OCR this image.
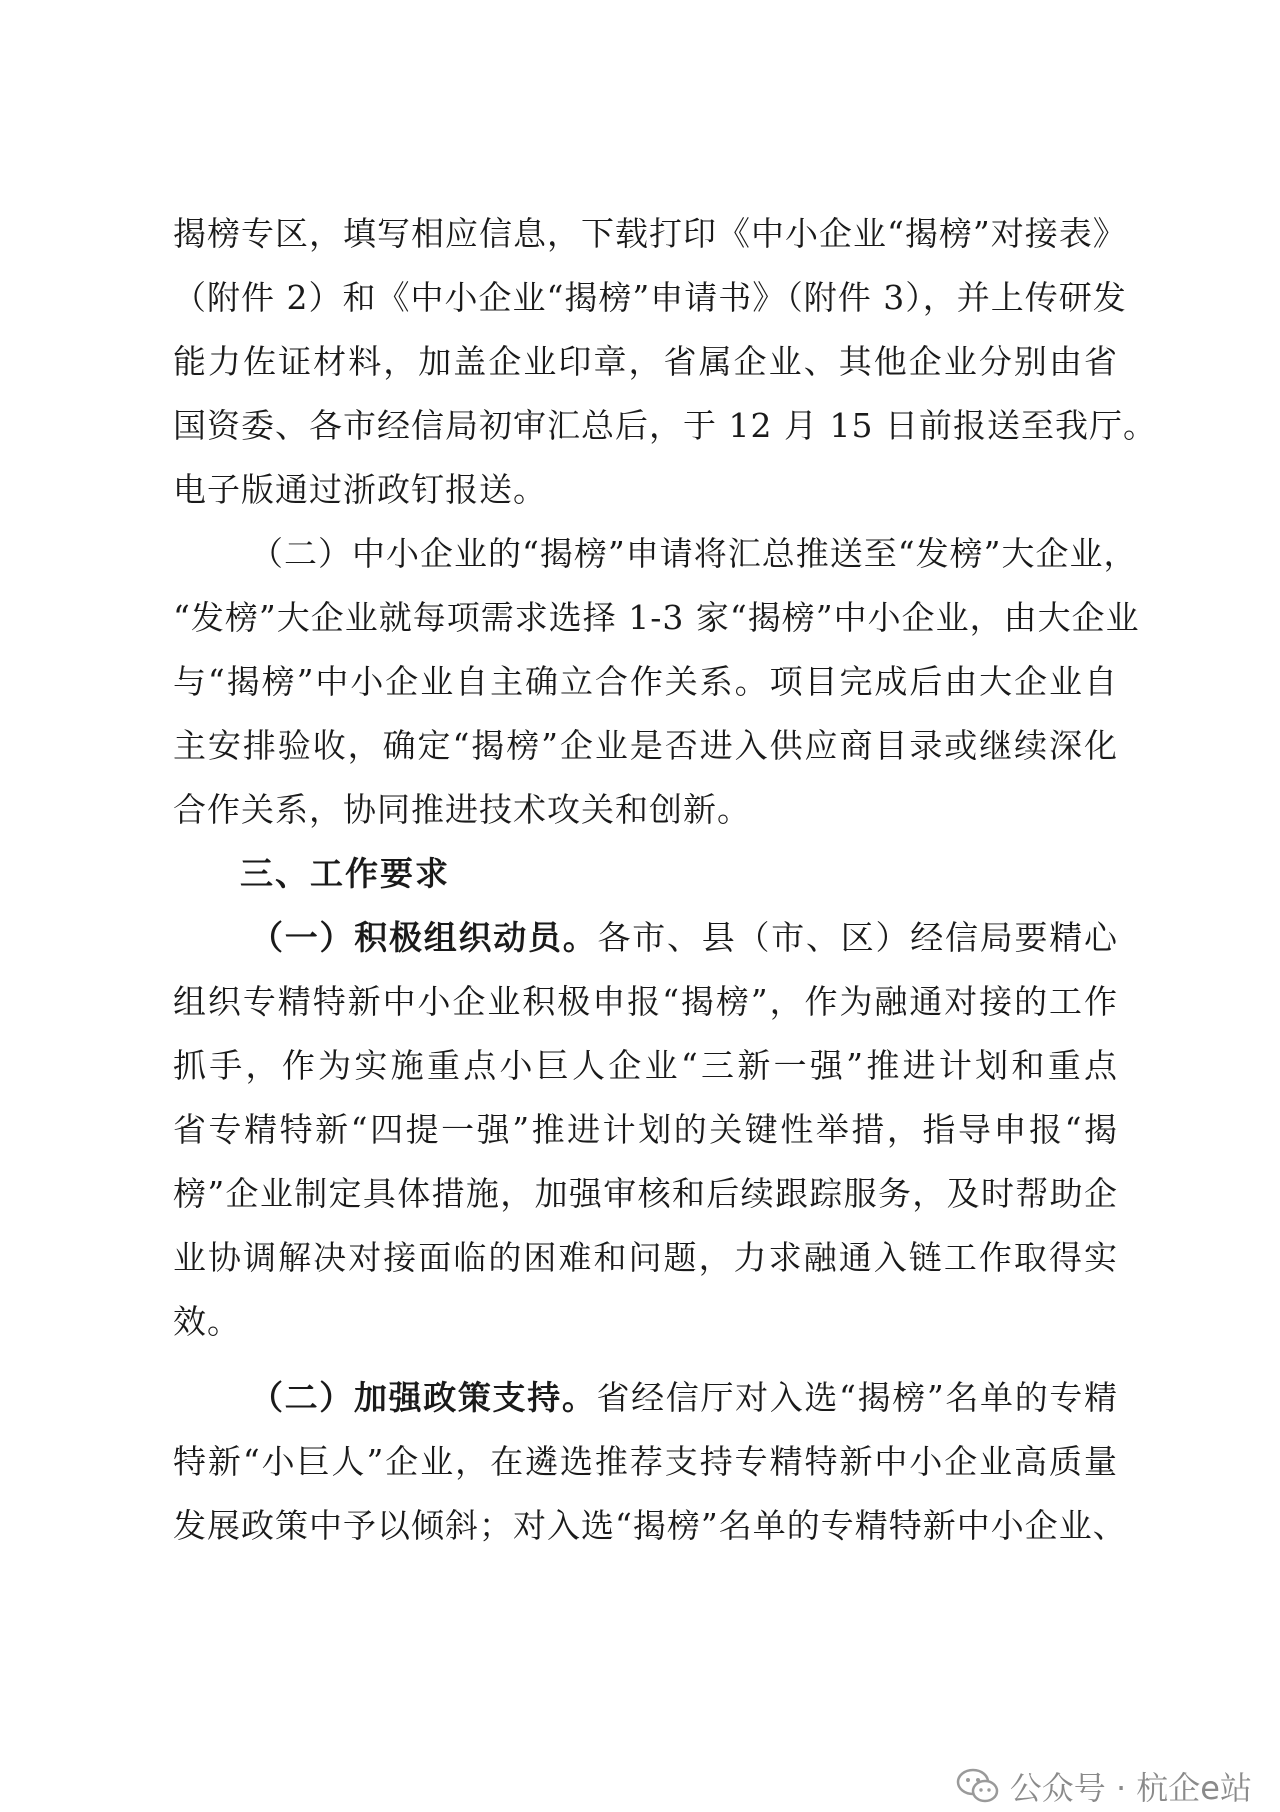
揭榜专区，填写相应信息，下载打印《中小企业“揭榜”对接表》
（附件 2）和《中小企业“揭榜”申请书》（附件 3），并上传研发
能力佐证材料，加盖企业印章，省属企业、其他企业分别由省
国资委、各市经信局初审汇总后，于 12 月 15 日前报送至我厅。
电子版通过浙政钉报送。
（二）中小企业的“揭榜”申请将汇总推送至“发榜”大企业，
“发榜”大企业就每项需求选择 1-3 家“揭榜”中小企业，由大企业
与“揭榜”中小企业自主确立合作关系。项目完成后由大企业自
主安排验收，确定“揭榜”企业是否进入供应商目录或继续深化
合作关系，协同推进技术攻关和创新。
三、工作要求
（一）积极组织动员。各市、县（市、区）经信局要精心
组织专精特新中小企业积极申报“揭榜”，作为融通对接的工作
抓手，作为实施重点小巨人企业“三新一强”推进计划和重点
省专精特新“四提一强”推进计划的关键性举措，指导申报“揭
榜”企业制定具体措施，加强审核和后续跟踪服务，及时帮助企
业协调解决对接面临的困难和问题，力求融通入链工作取得实
效。
（二）加强政策支持。省经信厅对入选“揭榜”名单的专精
特新“小巨人”企业，在遴选推荐支持专精特新中小企业高质量
发展政策中予以倾斜；对入选“揭榜”名单的专精特新中小企业、
公众号 · 杭企e站
